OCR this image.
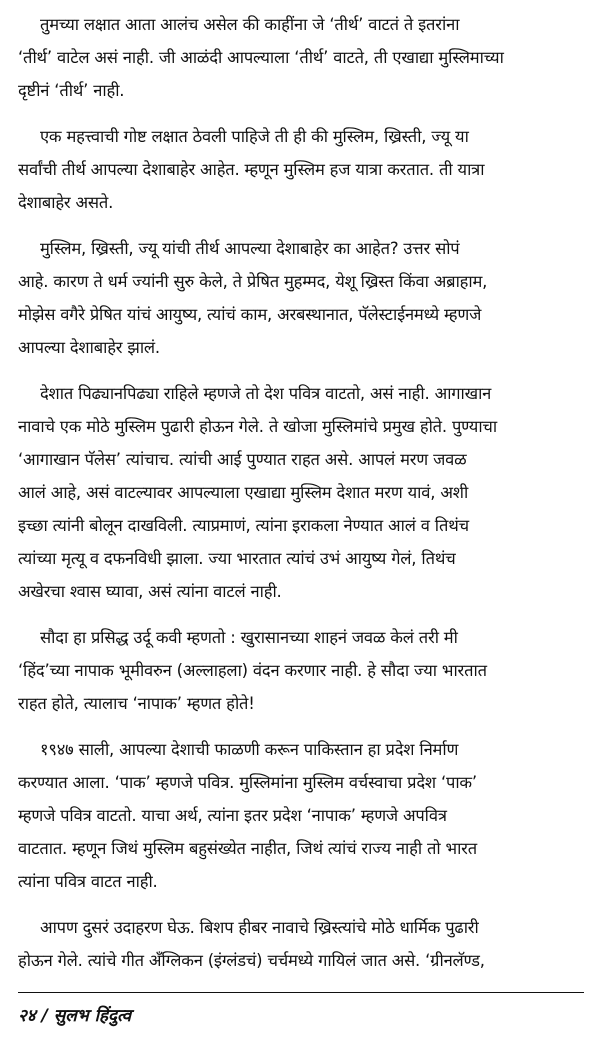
तुमच्या लक्षात आता आलंच असेल की काहींना जे ‘तीर्थ’ वाटतं ते इतरांना
‘तीर्थ’ वाटेल असं नाही. जी आळंदी आपल्याला ‘तीर्थ’ वाटते, ती एखाद्या मुस्लिमाच्या
दृष्टीनं ‘तीर्थ’ नाही.
एक महत्त्वाची गोष्ट लक्षात ठेवली पाहिजे ती ही की मुस्लिम, ख्रिस्ती, ज्यू या
सर्वांची तीर्थ आपल्या देशाबाहेर आहेत. म्हणून मुस्लिम हज यात्रा करतात. ती यात्रा
देशाबाहेर असते.
मुस्लिम, ख्रिस्ती, ज्यू यांची तीर्थ आपल्या देशाबाहेर का आहेत? उत्तर सोपं
आहे. कारण ते धर्म ज्यांनी सुरु केले, ते प्रेषित मुहम्मद, येशू ख्रिस्त किंवा अब्राहाम,
मोझेस वगैरे प्रेषित यांचं आयुष्य, त्यांचं काम, अरबस्थानात, पॅलेस्टाईनमध्ये म्हणजे
आपल्या देशाबाहेर झालं.
देशात पिढ्यानपिढ्या राहिले म्हणजे तो देश पवित्र वाटतो, असं नाही. आगाखान
नावाचे एक मोठे मुस्लिम पुढारी होऊन गेले. ते खोजा मुस्लिमांचे प्रमुख होते. पुण्याचा
‘आगाखान पॅलेस’ त्यांचाच. त्यांची आई पुण्यात राहत असे. आपलं मरण जवळ
आलं आहे, असं वाटल्यावर आपल्याला एखाद्या मुस्लिम देशात मरण यावं, अशी
इच्छा त्यांनी बोलून दाखविली. त्याप्रमाणं, त्यांना इराकला नेण्यात आलं व तिथंच
त्यांच्या मृत्यू व दफनविधी झाला. ज्या भारतात त्यांचं उभं आयुष्य गेलं, तिथंच
अखेरचा श्‍वास घ्यावा, असं त्यांना वाटलं नाही.
सौदा हा प्रसिद्ध उर्दू कवी म्हणतो : खुरासानच्या शाहनं जवळ केलं तरी मी
‘हिंद’च्या नापाक भूमीवरुन (अल्लाहला) वंदन करणार नाही. हे सौदा ज्या भारतात
राहत होते, त्यालाच ‘नापाक’ म्हणत होते!
१९४७ साली, आपल्या देशाची फाळणी करून पाकिस्तान हा प्रदेश निर्माण
करण्यात आला. ‘पाक’ म्हणजे पवित्र. मुस्लिमांना मुस्लिम वर्चस्वाचा प्रदेश ‘पाक’
म्हणजे पवित्र वाटतो. याचा अर्थ, त्यांना इतर प्रदेश ‘नापाक’ म्हणजे अपवित्र
वाटतात. म्हणून जिथं मुस्लिम बहुसंख्येत नाहीत, जिथं त्यांचं राज्य नाही तो भारत
त्यांना पवित्र वाटत नाही.
आपण दुसरं उदाहरण घेऊ. बिशप हीबर नावाचे ख्रिस्त्यांचे मोठे धार्मिक पुढारी
होऊन गेले. त्यांचे गीत ॲंग्लिकन (इंग्लंडचं) चर्चमध्ये गायिलं जात असे. ‘ग्रीनलॅण्ड,
२४ / सुलभ हिंदुत्व
